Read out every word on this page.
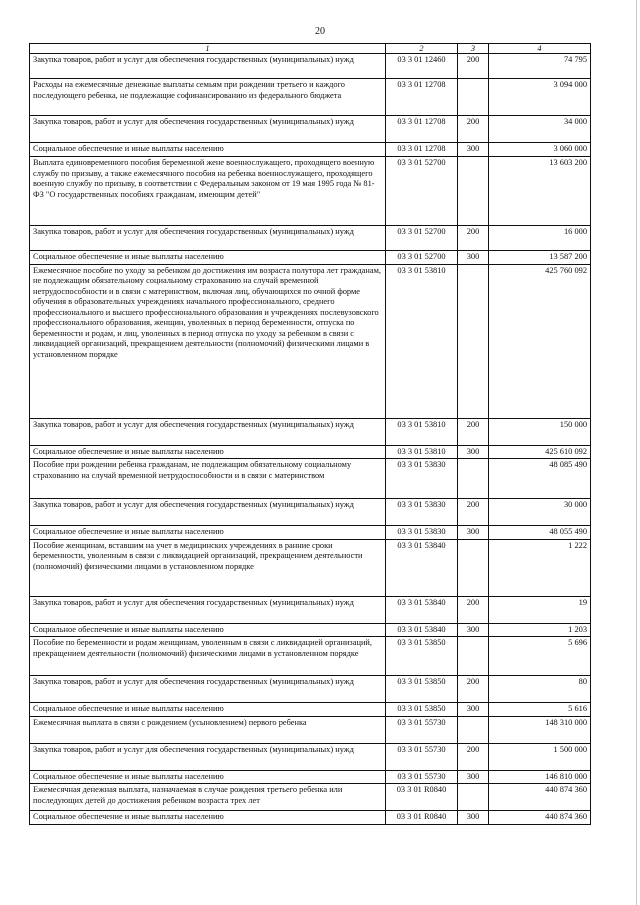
20
1	2	3	4
Закупка товаров, работ и услуг для обеспечения государственных (муниципальных) нужд	03 3 01 12460	200	74 795
Расходы на ежемесячные денежные выплаты семьям при рождении третьего и каждого последующего ребенка, не подлежащие софинансированию из федерального бюджета	03 3 01 12708		3 094 000
Закупка товаров, работ и услуг для обеспечения государственных (муниципальных) нужд	03 3 01 12708	200	34 000
Социальное обеспечение и иные выплаты населению	03 3 01 12708	300	3 060 000
Выплата единовременного пособия беременной жене военнослужащего, проходящего военную службу по призыву, а также ежемесячного пособия на ребенка военнослужащего, проходящего военную службу по призыву, в соответствии с Федеральным законом от 19 мая 1995 года № 81-ФЗ "О государственных пособиях гражданам, имеющим детей"	03 3 01 52700		13 603 200
Закупка товаров, работ и услуг для обеспечения государственных (муниципальных) нужд	03 3 01 52700	200	16 000
Социальное обеспечение и иные выплаты населению	03 3 01 52700	300	13 587 200
Ежемесячное пособие по уходу за ребенком до достижения им возраста полутора лет гражданам, не подлежащим обязательному социальному страхованию на случай временной нетрудоспособности и в связи с материнством, включая лиц, обучающихся по очной форме обучения в образовательных учреждениях начального профессионального, среднего профессионального и высшего профессионального образования и учреждениях послевузовского профессионального образования, женщин, уволенных в период беременности, отпуска по беременности и родам, и лиц, уволенных в период отпуска по уходу за ребенком в связи с ликвидацией организаций, прекращением деятельности (полномочий) физическими лицами в установленном порядке	03 3 01 53810		425 760 092
Закупка товаров, работ и услуг для обеспечения государственных (муниципальных) нужд	03 3 01 53810	200	150 000
Социальное обеспечение и иные выплаты населению	03 3 01 53810	300	425 610 092
Пособие при рождении ребенка гражданам, не подлежащим обязательному социальному страхованию на случай временной нетрудоспособности и в связи с материнством	03 3 01 53830		48 085 490
Закупка товаров, работ и услуг для обеспечения государственных (муниципальных) нужд	03 3 01 53830	200	30 000
Социальное обеспечение и иные выплаты населению	03 3 01 53830	300	48 055 490
Пособие женщинам, вставшим на учет в медицинских учреждениях в ранние сроки беременности, уволенным в связи с ликвидацией организаций, прекращением деятельности (полномочий) физическими лицами в установленном порядке	03 3 01 53840		1 222
Закупка товаров, работ и услуг для обеспечения государственных (муниципальных) нужд	03 3 01 53840	200	19
Социальное обеспечение и иные выплаты населению	03 3 01 53840	300	1 203
Пособие по беременности и родам женщинам, уволенным в связи с ликвидацией организаций, прекращением деятельности (полномочий) физическими лицами в установленном порядке	03 3 01 53850		5 696
Закупка товаров, работ и услуг для обеспечения государственных (муниципальных) нужд	03 3 01 53850	200	80
Социальное обеспечение и иные выплаты населению	03 3 01 53850	300	5 616
Ежемесячная выплата в связи с рождением (усыновлением) первого ребенка	03 3 01 55730		148 310 000
Закупка товаров, работ и услуг для обеспечения государственных (муниципальных) нужд	03 3 01 55730	200	1 500 000
Социальное обеспечение и иные выплаты населению	03 3 01 55730	300	146 810 000
Ежемесячная денежная выплата, назначаемая в случае рождения третьего ребенка или последующих детей до достижения ребенком возраста трех лет	03 3 01 R0840		440 874 360
Социальное обеспечение и иные выплаты населению	03 3 01 R0840	300	440 874 360
